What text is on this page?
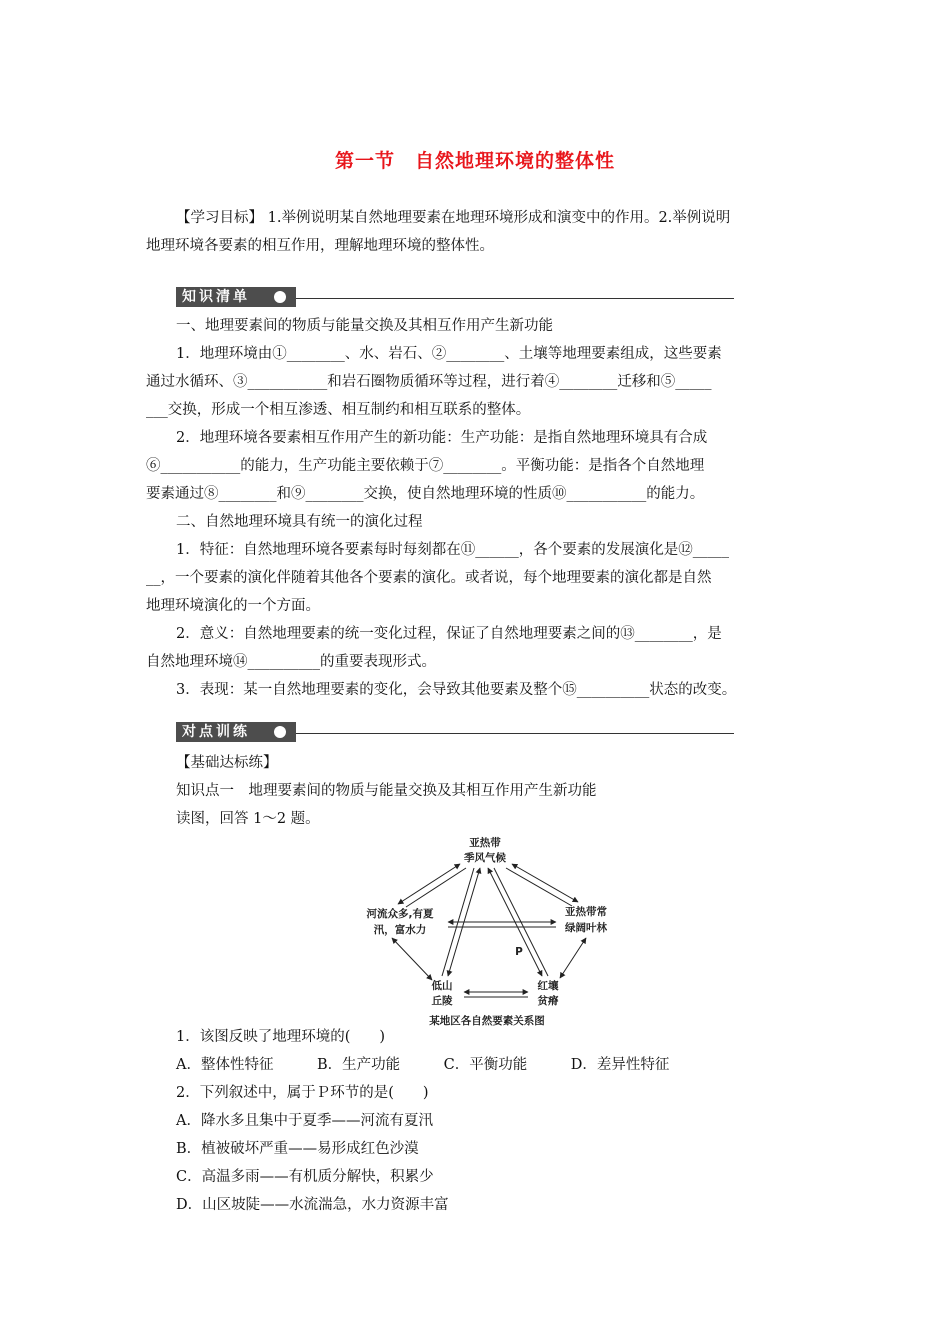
第一节　自然地理环境的整体性
【学习目标】 1.举例说明某自然地理要素在地理环境形成和演变中的作用。2.举例说明
地理环境各要素的相互作用，理解地理环境的整体性。
知识清单
一、地理要素间的物质与能量交换及其相互作用产生新功能
1．地理环境由①________、水、岩石、②________、土壤等地理要素组成，这些要素
通过水循环、③___________和岩石圈物质循环等过程，进行着④________迁移和⑤_____
___交换，形成一个相互渗透、相互制约和相互联系的整体。
2．地理环境各要素相互作用产生的新功能：生产功能：是指自然地理环境具有合成
⑥___________的能力，生产功能主要依赖于⑦________。平衡功能：是指各个自然地理
要素通过⑧________和⑨________交换，使自然地理环境的性质⑩___________的能力。
二、自然地理环境具有统一的演化过程
1．特征：自然地理环境各要素每时每刻都在⑪______，各个要素的发展演化是⑫_____
__，一个要素的演化伴随着其他各个要素的演化。或者说，每个地理要素的演化都是自然
地理环境演化的一个方面。
2．意义：自然地理要素的统一变化过程，保证了自然地理要素之间的⑬________，是
自然地理环境⑭__________的重要表现形式。
3．表现：某一自然地理要素的变化，会导致其他要素及整个⑮__________状态的改变。
对点训练
【基础达标练】
知识点一　地理要素间的物质与能量交换及其相互作用产生新功能
读图，回答 1～2 题。
亚热带
季风气候
河流众多,有夏
汛，富水力
亚热带常
绿阔叶林
低山
丘陵
红壤
贫瘠
P
某地区各自然要素关系图
1．该图反映了地理环境的(　　)
A．整体性特征　　　B．生产功能　　　C．平衡功能　　　D．差异性特征
2．下列叙述中，属于Ｐ环节的是(　　)
A．降水多且集中于夏季——河流有夏汛
B．植被破坏严重——易形成红色沙漠
C．高温多雨——有机质分解快，积累少
D．山区坡陡——水流湍急，水力资源丰富
